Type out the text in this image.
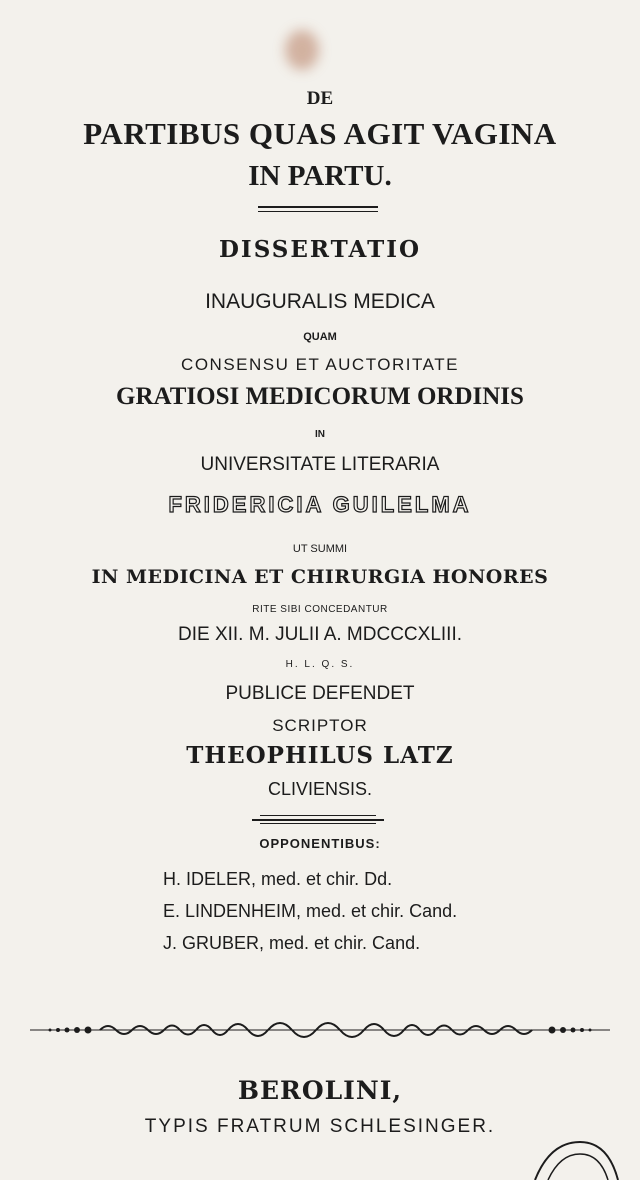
DE
PARTIBUS QUAS AGIT VAGINA
IN PARTU.
DISSERTATIO
INAUGURALIS MEDICA
QUAM
CONSENSU ET AUCTORITATE
GRATIOSI MEDICORUM ORDINIS
IN
UNIVERSITATE LITERARIA
FRIDERICIA GUILELMA
UT SUMMI
IN MEDICINA ET CHIRURGIA HONORES
RITE SIBI CONCEDANTUR
DIE XII. M. JULII A. MDCCCXLIII.
H. L. Q. S.
PUBLICE DEFENDET
SCRIPTOR
THEOPHILUS LATZ
CLIVIENSIS.
OPPONENTIBUS:
H. IDELER, med. et chir. Dd.
E. LINDENHEIM, med. et chir. Cand.
J. GRUBER, med. et chir. Cand.
BEROLINI,
TYPIS FRATRUM SCHLESINGER.
